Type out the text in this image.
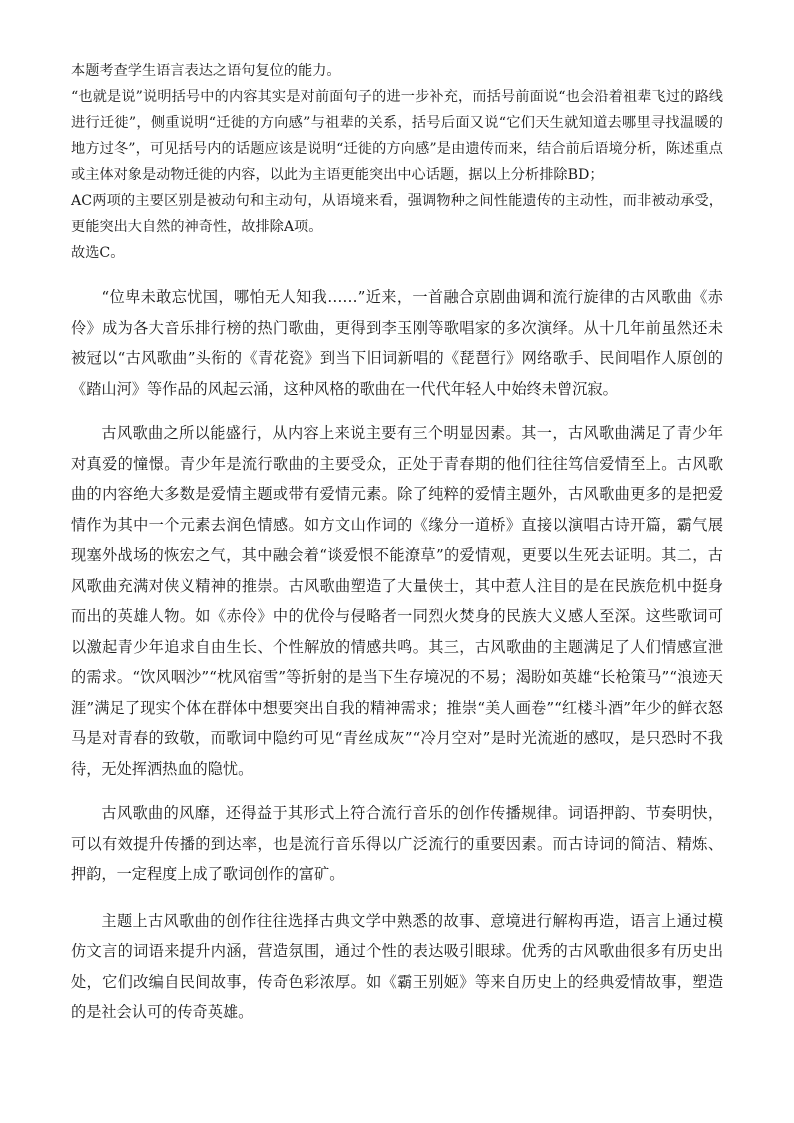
本题考查学生语言表达之语句复位的能力。

“也就是说”说明括号中的内容其实是对前面句子的进一步补充，而括号前面说“也会沿着祖辈飞过的路线进行迁徙”，侧重说明“迁徙的方向感”与祖辈的关系，括号后面又说“它们天生就知道去哪里寻找温暖的地方过冬”，可见括号内的话题应该是说明“迁徙的方向感”是由遗传而来，结合前后语境分析，陈述重点或主体对象是动物迁徙的内容，以此为主语更能突出中心话题，据以上分析排除BD；

AC两项的主要区别是被动句和主动句，从语境来看，强调物种之间性能遗传的主动性，而非被动承受，更能突出大自然的神奇性，故排除A项。

故选C。

“位卑未敢忘忧国，哪怕无人知我……”近来，一首融合京剧曲调和流行旋律的古风歌曲《赤伶》成为各大音乐排行榜的热门歌曲，更得到李玉刚等歌唱家的多次演绎。从十几年前虽然还未被冠以“古风歌曲”头衔的《青花瓷》到当下旧词新唱的《琵琶行》网络歌手、民间唱作人原创的《踏山河》等作品的风起云涌，这种风格的歌曲在一代代年轻人中始终未曾沉寂。

古风歌曲之所以能盛行，从内容上来说主要有三个明显因素。其一，古风歌曲满足了青少年对真爱的憧憬。青少年是流行歌曲的主要受众，正处于青春期的他们往往笃信爱情至上。古风歌曲的内容绝大多数是爱情主题或带有爱情元素。除了纯粹的爱情主题外，古风歌曲更多的是把爱情作为其中一个元素去润色情感。如方文山作词的《缘分一道桥》直接以演唱古诗开篇，霸气展现塞外战场的恢宏之气，其中融会着“谈爱恨不能潦草”的爱情观，更要以生死去证明。其二，古风歌曲充满对侠义精神的推崇。古风歌曲塑造了大量侠士，其中惹人注目的是在民族危机中挺身而出的英雄人物。如《赤伶》中的优伶与侵略者一同烈火焚身的民族大义感人至深。这些歌词可以激起青少年追求自由生长、个性解放的情感共鸣。其三，古风歌曲的主题满足了人们情感宣泄的需求。“饮风咽沙”“枕风宿雪”等折射的是当下生存境况的不易；渴盼如英雄“长枪策马”“浪迹天涯”满足了现实个体在群体中想要突出自我的精神需求；推崇“美人画卷”“红楼斗酒”年少的鲜衣怒马是对青春的致敬，而歌词中隐约可见“青丝成灰”“冷月空对”是时光流逝的感叹，是只恐时不我待，无处挥洒热血的隐忧。

古风歌曲的风靡，还得益于其形式上符合流行音乐的创作传播规律。词语押韵、节奏明快，可以有效提升传播的到达率，也是流行音乐得以广泛流行的重要因素。而古诗词的简洁、精炼、押韵，一定程度上成了歌词创作的富矿。

主题上古风歌曲的创作往往选择古典文学中熟悉的故事、意境进行解构再造，语言上通过模仿文言的词语来提升内涵，营造氛围，通过个性的表达吸引眼球。优秀的古风歌曲很多有历史出处，它们改编自民间故事，传奇色彩浓厚。如《霸王别姬》等来自历史上的经典爱情故事，塑造的是社会认可的传奇英雄。
